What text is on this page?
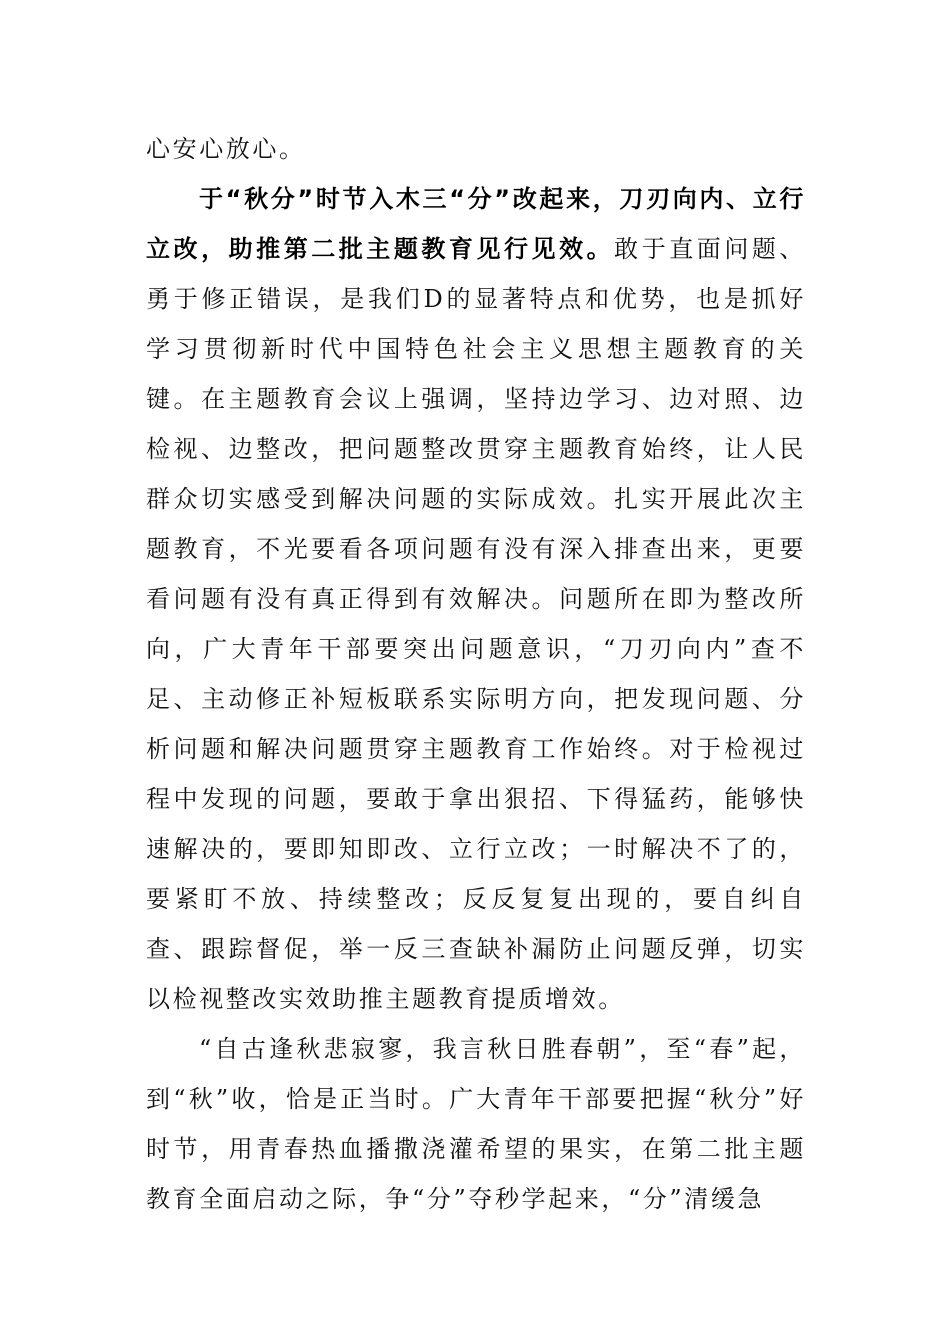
心安心放心。

于“秋分”时节入木三“分”改起来，刀刃向内、立行立改，助推第二批主题教育见行见效。敢于直面问题、勇于修正错误，是我们D的显著特点和优势，也是抓好学习贯彻新时代中国特色社会主义思想主题教育的关键。在主题教育会议上强调，坚持边学习、边对照、边检视、边整改，把问题整改贯穿主题教育始终，让人民群众切实感受到解决问题的实际成效。扎实开展此次主题教育，不光要看各项问题有没有深入排查出来，更要看问题有没有真正得到有效解决。问题所在即为整改所向，广大青年干部要突出问题意识，“刀刃向内”查不足、主动修正补短板联系实际明方向，把发现问题、分析问题和解决问题贯穿主题教育工作始终。对于检视过程中发现的问题，要敢于拿出狠招、下得猛药，能够快速解决的，要即知即改、立行立改；一时解决不了的，要紧盯不放、持续整改；反反复复出现的，要自纠自查、跟踪督促，举一反三查缺补漏防止问题反弹，切实以检视整改实效助推主题教育提质增效。

“自古逢秋悲寂寥，我言秋日胜春朝”，至“春”起，到“秋”收，恰是正当时。广大青年干部要把握“秋分”好时节，用青春热血播撒浇灌希望的果实，在第二批主题教育全面启动之际，争“分”夺秒学起来，“分”清缓急
